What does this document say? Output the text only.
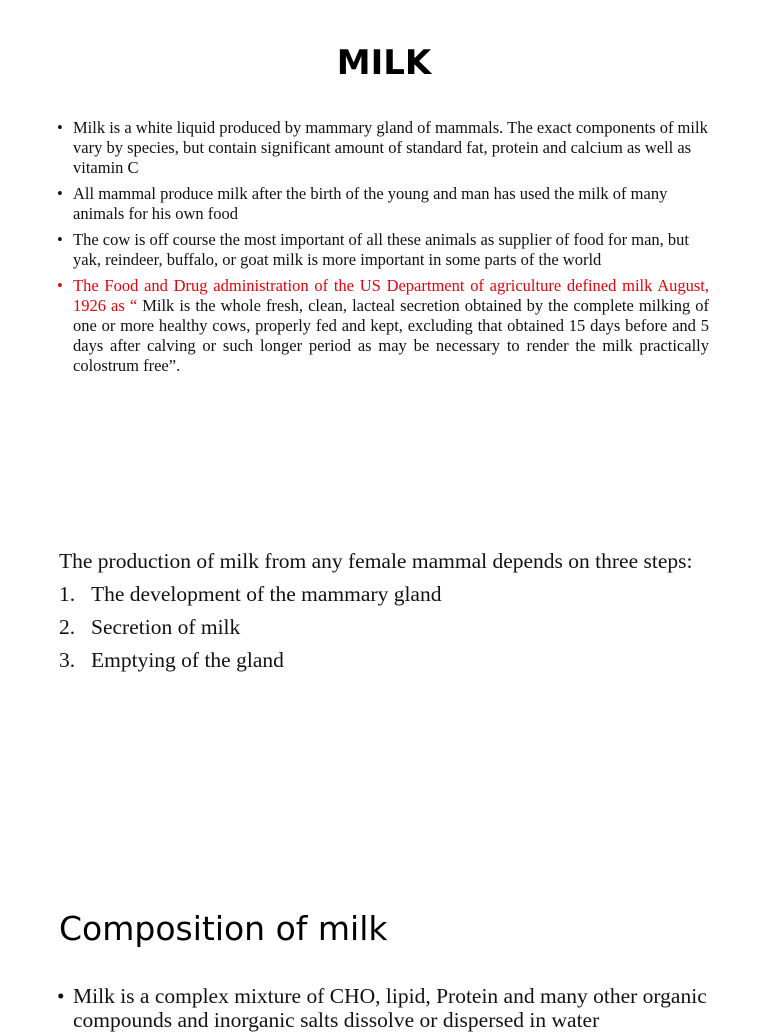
MILK
• Milk is a white liquid produced by mammary gland of mammals. The exact components of milk vary by species, but contain significant amount of standard fat, protein and calcium as well as vitamin C
• All mammal produce milk after the birth of the young and man has used the milk of many animals for his own food
• The cow is off course the most important of all these animals as supplier of food for man, but yak, reindeer, buffalo, or goat milk is more important in some parts of the world
• The Food and Drug administration of the US Department of agriculture defined milk August, 1926 as “ Milk is the whole fresh, clean, lacteal secretion obtained by the complete milking of one or more healthy cows, properly fed and kept, excluding that obtained 15 days before and 5 days after calving or such longer period as may be necessary to render the milk practically colostrum free”.

The production of milk from any female mammal depends on three steps:

1. The development of the mammary gland
2. Secretion of milk
3. Emptying of the gland
Composition of milk
• Milk is a complex mixture of CHO, lipid, Protein and many other organic compounds and inorganic salts dissolve or dispersed in water
